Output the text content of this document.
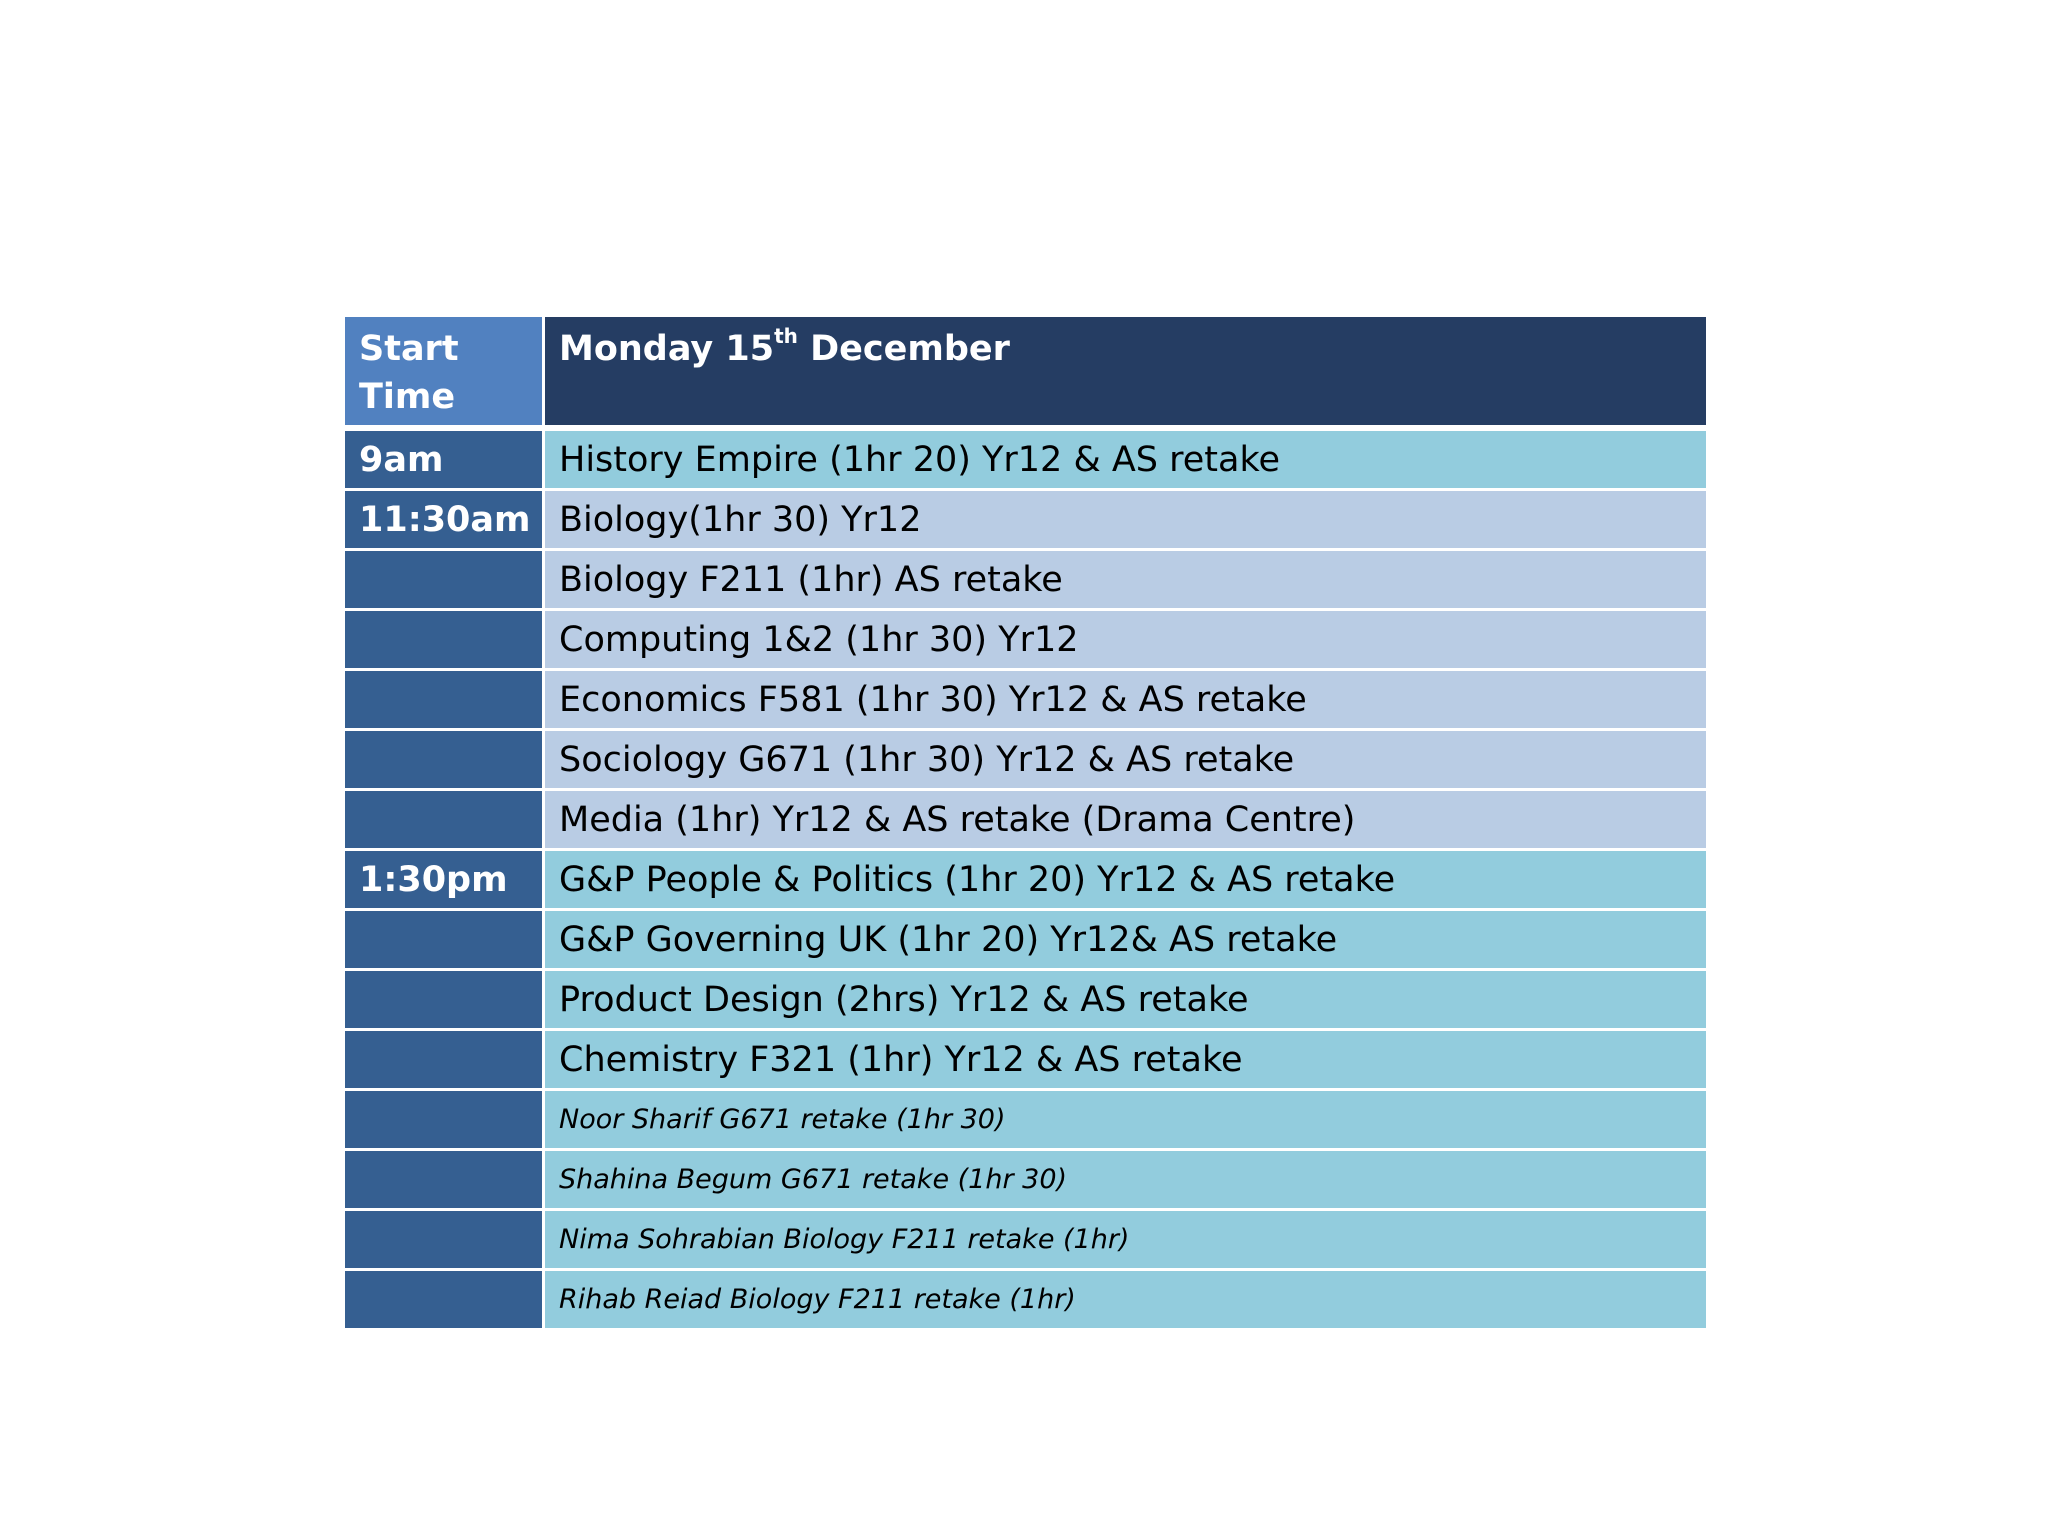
Start Time	Monday 15th December

9am	History Empire (1hr 20) Yr12 & AS retake
11:30am	Biology(1hr 30) Yr12
	Biology F211 (1hr) AS retake
	Computing 1&2 (1hr 30) Yr12
	Economics F581 (1hr 30) Yr12 & AS retake
	Sociology G671 (1hr 30) Yr12 & AS retake
	Media (1hr) Yr12 & AS retake (Drama Centre)
1:30pm	G&P People & Politics (1hr 20) Yr12 & AS retake
	G&P Governing UK (1hr 20) Yr12& AS retake
	Product Design (2hrs) Yr12 & AS retake
	Chemistry F321 (1hr) Yr12 & AS retake
	Noor Sharif G671 retake (1hr 30)
	Shahina Begum G671 retake (1hr 30)
	Nima Sohrabian Biology F211 retake (1hr)
	Rihab Reiad Biology F211 retake (1hr)
